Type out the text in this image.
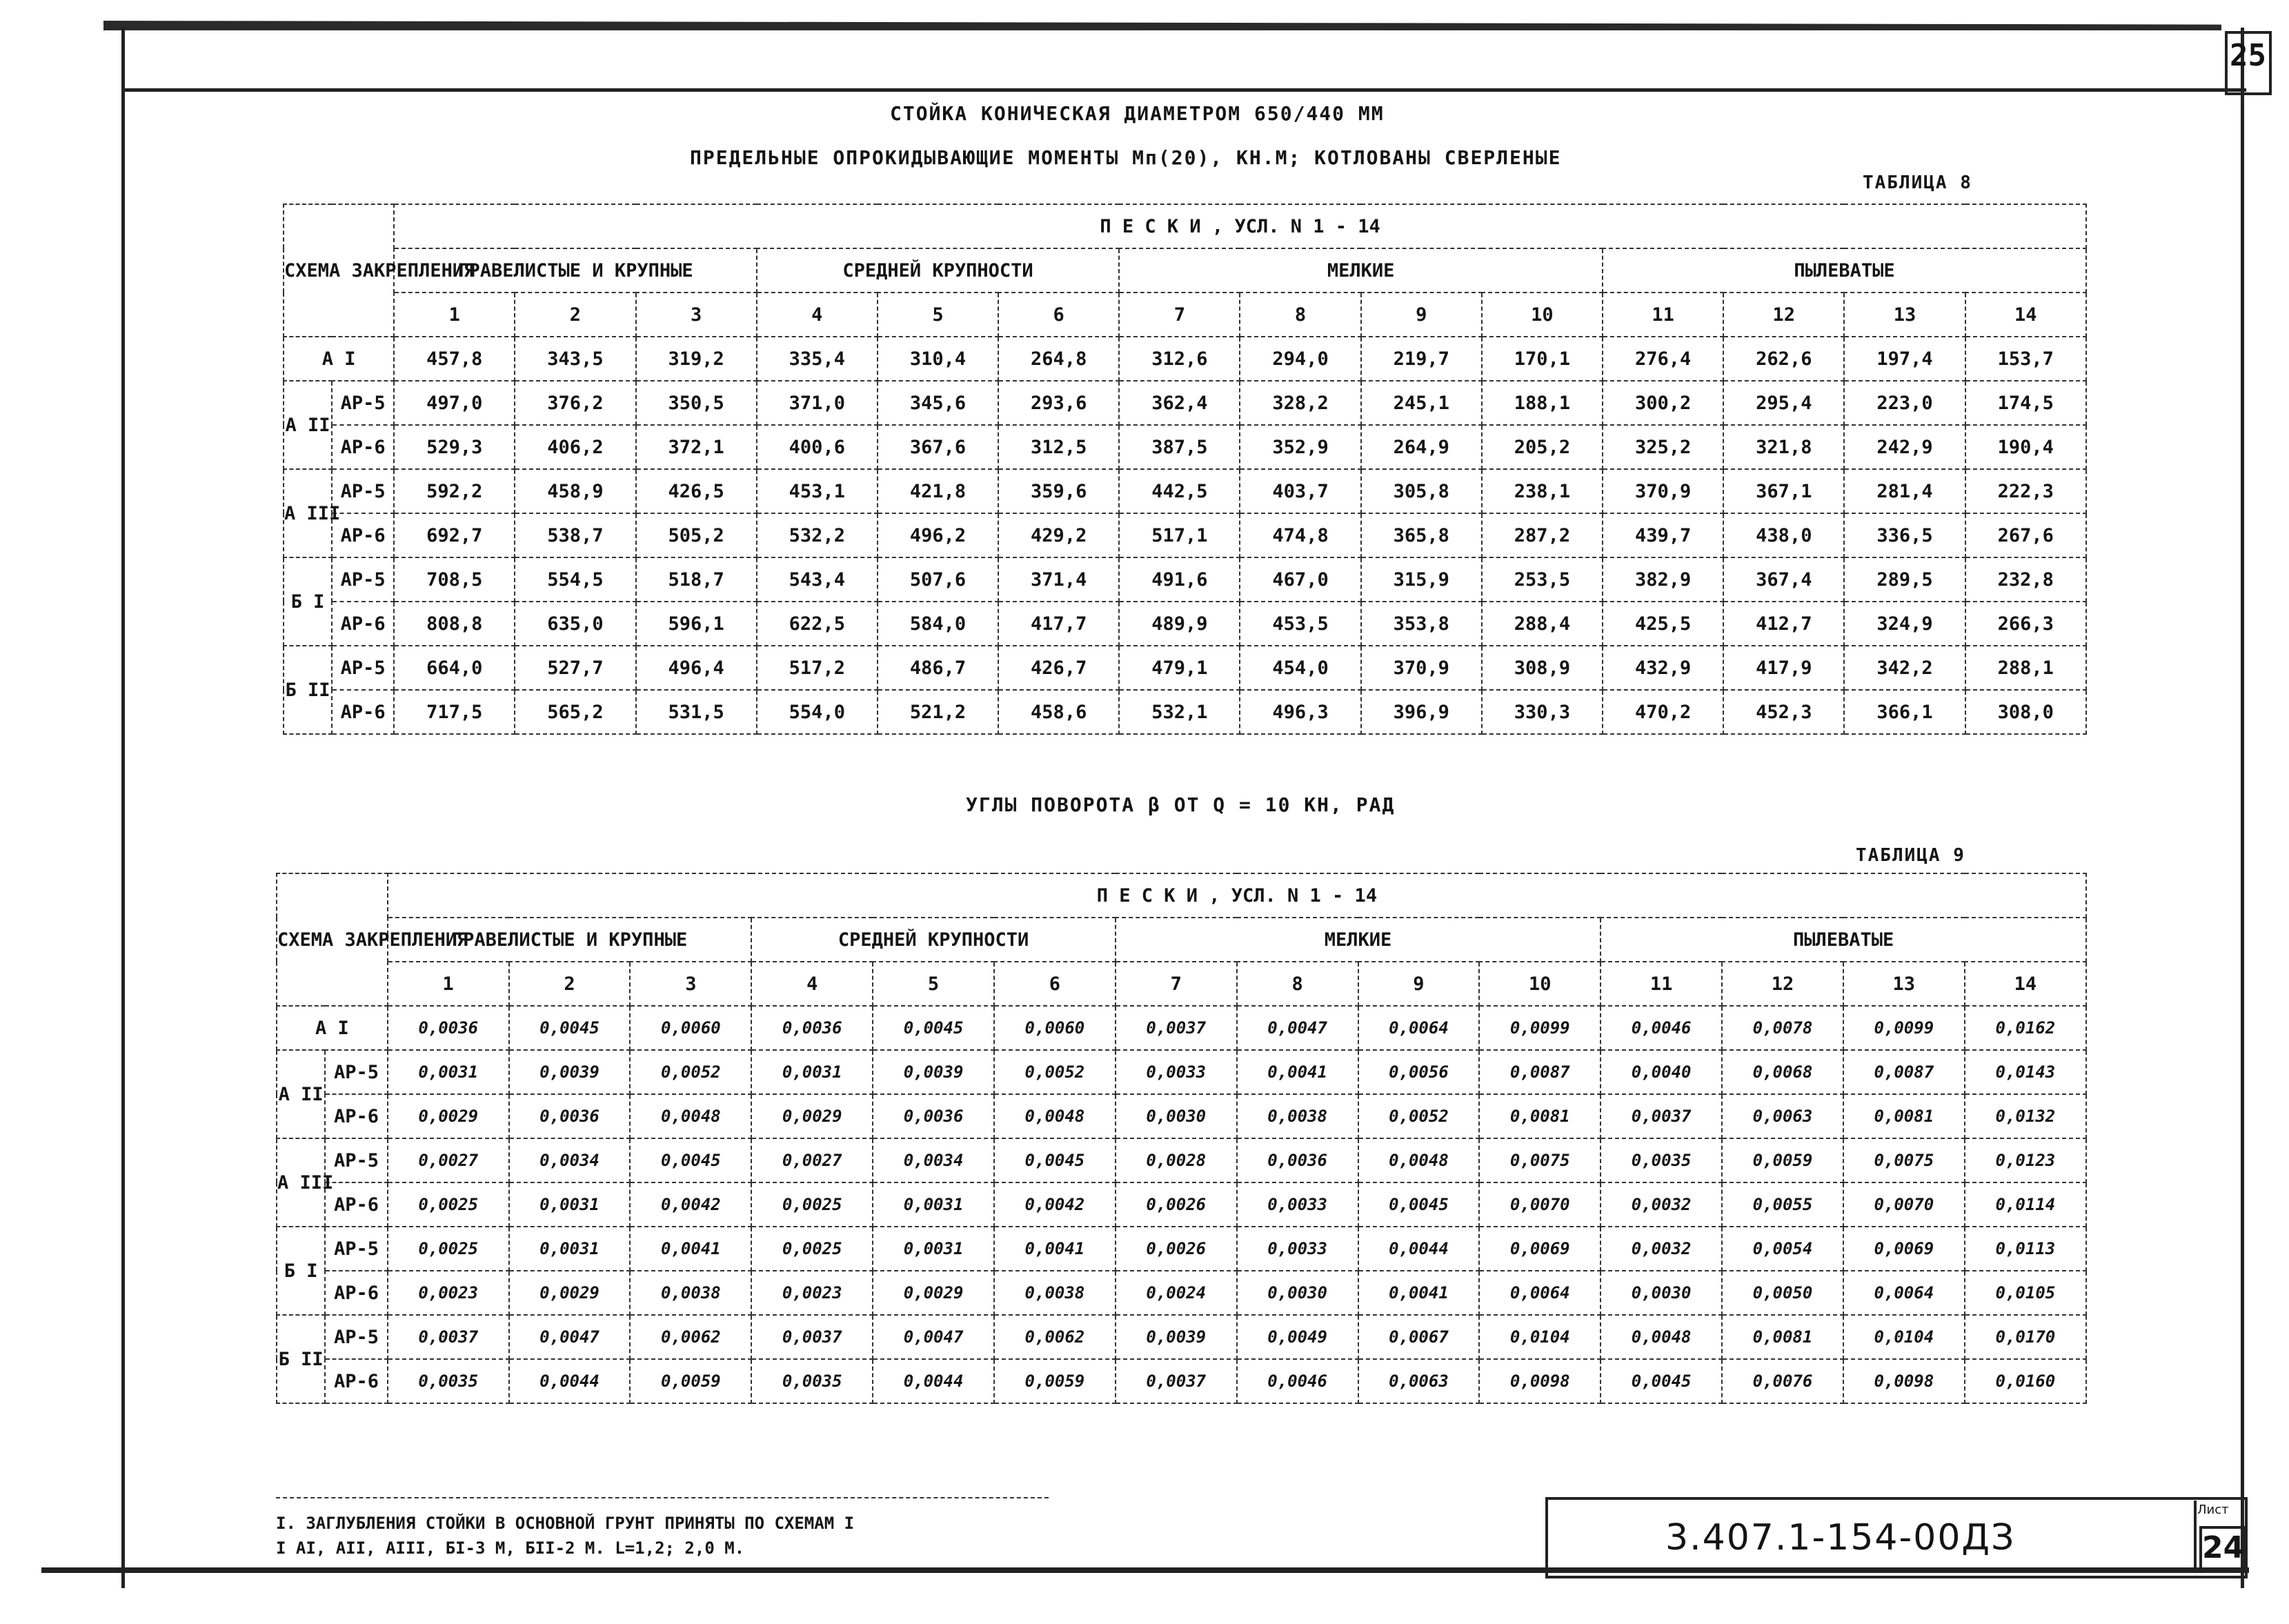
25
СТОЙКА КОНИЧЕСКАЯ ДИАМЕТРОМ 650/440 ММ
ПРЕДЕЛЬНЫЕ ОПРОКИДЫВАЮЩИЕ МОМЕНТЫ Мп(20), КН.М; КОТЛОВАНЫ СВЕРЛЕНЫЕ
ТАБЛИЦА 8
СХЕМА ЗАКРЕПЛЕНИЯ		П Е С К И , УСЛ. N 1 - 14													
		ГРАВЕЛИСТЫЕ И КРУПНЫЕ			СРЕДНЕЙ КРУПНОСТИ			МЕЛКИЕ				ПЫЛЕВАТЫЕ			
		1	2	3	4	5	6	7	8	9	10	11	12	13	14
А I		457,8	343,5	319,2	335,4	310,4	264,8	312,6	294,0	219,7	170,1	276,4	262,6	197,4	153,7
А II	АР-5	497,0	376,2	350,5	371,0	345,6	293,6	362,4	328,2	245,1	188,1	300,2	295,4	223,0	174,5
	АР-6	529,3	406,2	372,1	400,6	367,6	312,5	387,5	352,9	264,9	205,2	325,2	321,8	242,9	190,4
А III	АР-5	592,2	458,9	426,5	453,1	421,8	359,6	442,5	403,7	305,8	238,1	370,9	367,1	281,4	222,3
	АР-6	692,7	538,7	505,2	532,2	496,2	429,2	517,1	474,8	365,8	287,2	439,7	438,0	336,5	267,6
Б I	АР-5	708,5	554,5	518,7	543,4	507,6	371,4	491,6	467,0	315,9	253,5	382,9	367,4	289,5	232,8
	АР-6	808,8	635,0	596,1	622,5	584,0	417,7	489,9	453,5	353,8	288,4	425,5	412,7	324,9	266,3
Б II	АР-5	664,0	527,7	496,4	517,2	486,7	426,7	479,1	454,0	370,9	308,9	432,9	417,9	342,2	288,1
	АР-6	717,5	565,2	531,5	554,0	521,2	458,6	532,1	496,3	396,9	330,3	470,2	452,3	366,1	308,0
УГЛЫ ПОВОРОТА β ОТ Q = 10 КН, РАД
ТАБЛИЦА 9
СХЕМА ЗАКРЕПЛЕНИЯ		П Е С К И , УСЛ. N 1 - 14													
		ГРАВЕЛИСТЫЕ И КРУПНЫЕ			СРЕДНЕЙ КРУПНОСТИ			МЕЛКИЕ				ПЫЛЕВАТЫЕ			
		1	2	3	4	5	6	7	8	9	10	11	12	13	14
А I		0,0036	0,0045	0,0060	0,0036	0,0045	0,0060	0,0037	0,0047	0,0064	0,0099	0,0046	0,0078	0,0099	0,0162
А II	АР-5	0,0031	0,0039	0,0052	0,0031	0,0039	0,0052	0,0033	0,0041	0,0056	0,0087	0,0040	0,0068	0,0087	0,0143
	АР-6	0,0029	0,0036	0,0048	0,0029	0,0036	0,0048	0,0030	0,0038	0,0052	0,0081	0,0037	0,0063	0,0081	0,0132
А III	АР-5	0,0027	0,0034	0,0045	0,0027	0,0034	0,0045	0,0028	0,0036	0,0048	0,0075	0,0035	0,0059	0,0075	0,0123
	АР-6	0,0025	0,0031	0,0042	0,0025	0,0031	0,0042	0,0026	0,0033	0,0045	0,0070	0,0032	0,0055	0,0070	0,0114
Б I	АР-5	0,0025	0,0031	0,0041	0,0025	0,0031	0,0041	0,0026	0,0033	0,0044	0,0069	0,0032	0,0054	0,0069	0,0113
	АР-6	0,0023	0,0029	0,0038	0,0023	0,0029	0,0038	0,0024	0,0030	0,0041	0,0064	0,0030	0,0050	0,0064	0,0105
Б II	АР-5	0,0037	0,0047	0,0062	0,0037	0,0047	0,0062	0,0039	0,0049	0,0067	0,0104	0,0048	0,0081	0,0104	0,0170
	АР-6	0,0035	0,0044	0,0059	0,0035	0,0044	0,0059	0,0037	0,0046	0,0063	0,0098	0,0045	0,0076	0,0098	0,0160
I. ЗАГЛУБЛЕНИЯ СТОЙКИ В ОСНОВНОЙ ГРУНТ ПРИНЯТЫ ПО СХЕМАМ I
I АI, АII, АIII, БI-3 М, БII-2 М. L=1,2; 2,0 М.	3.407.1-154-00ДЗ
Лист
24
